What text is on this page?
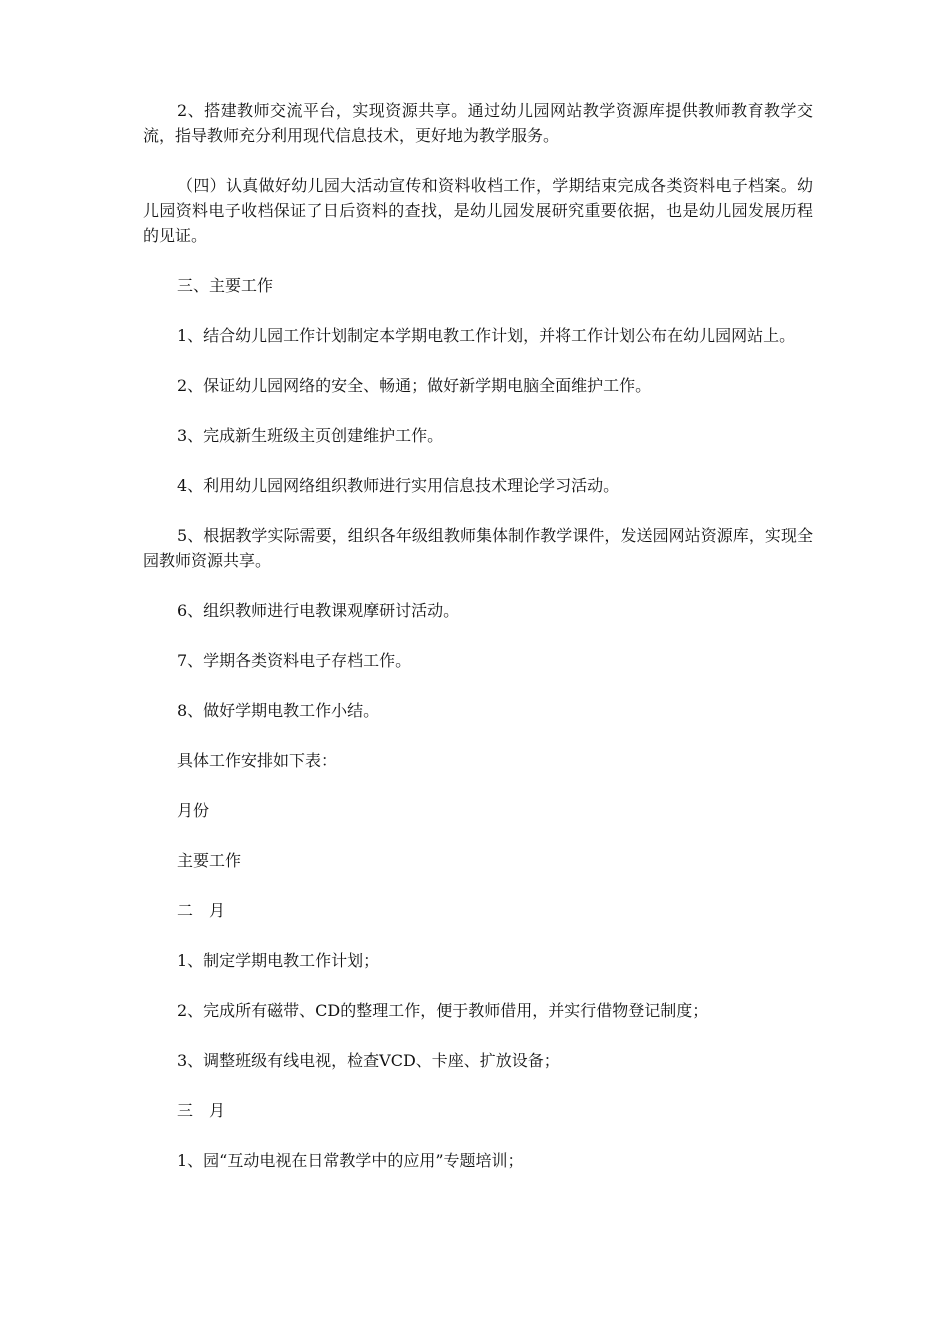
2、搭建教师交流平台，实现资源共享。通过幼儿园网站教学资源库提供教师教育教学交流，指导教师充分利用现代信息技术，更好地为教学服务。

（四）认真做好幼儿园大活动宣传和资料收档工作，学期结束完成各类资料电子档案。幼儿园资料电子收档保证了日后资料的查找，是幼儿园发展研究重要依据，也是幼儿园发展历程的见证。

三、主要工作

1、结合幼儿园工作计划制定本学期电教工作计划，并将工作计划公布在幼儿园网站上。

2、保证幼儿园网络的安全、畅通；做好新学期电脑全面维护工作。

3、完成新生班级主页创建维护工作。

4、利用幼儿园网络组织教师进行实用信息技术理论学习活动。

5、根据教学实际需要，组织各年级组教师集体制作教学课件，发送园网站资源库，实现全园教师资源共享。

6、组织教师进行电教课观摩研讨活动。

7、学期各类资料电子存档工作。

8、做好学期电教工作小结。

具体工作安排如下表：

月份

主要工作

二　月

1、制定学期电教工作计划；

2、完成所有磁带、CD的整理工作，便于教师借用，并实行借物登记制度；

3、调整班级有线电视，检查VCD、卡座、扩放设备；

三　月

1、园“互动电视在日常教学中的应用”专题培训；
